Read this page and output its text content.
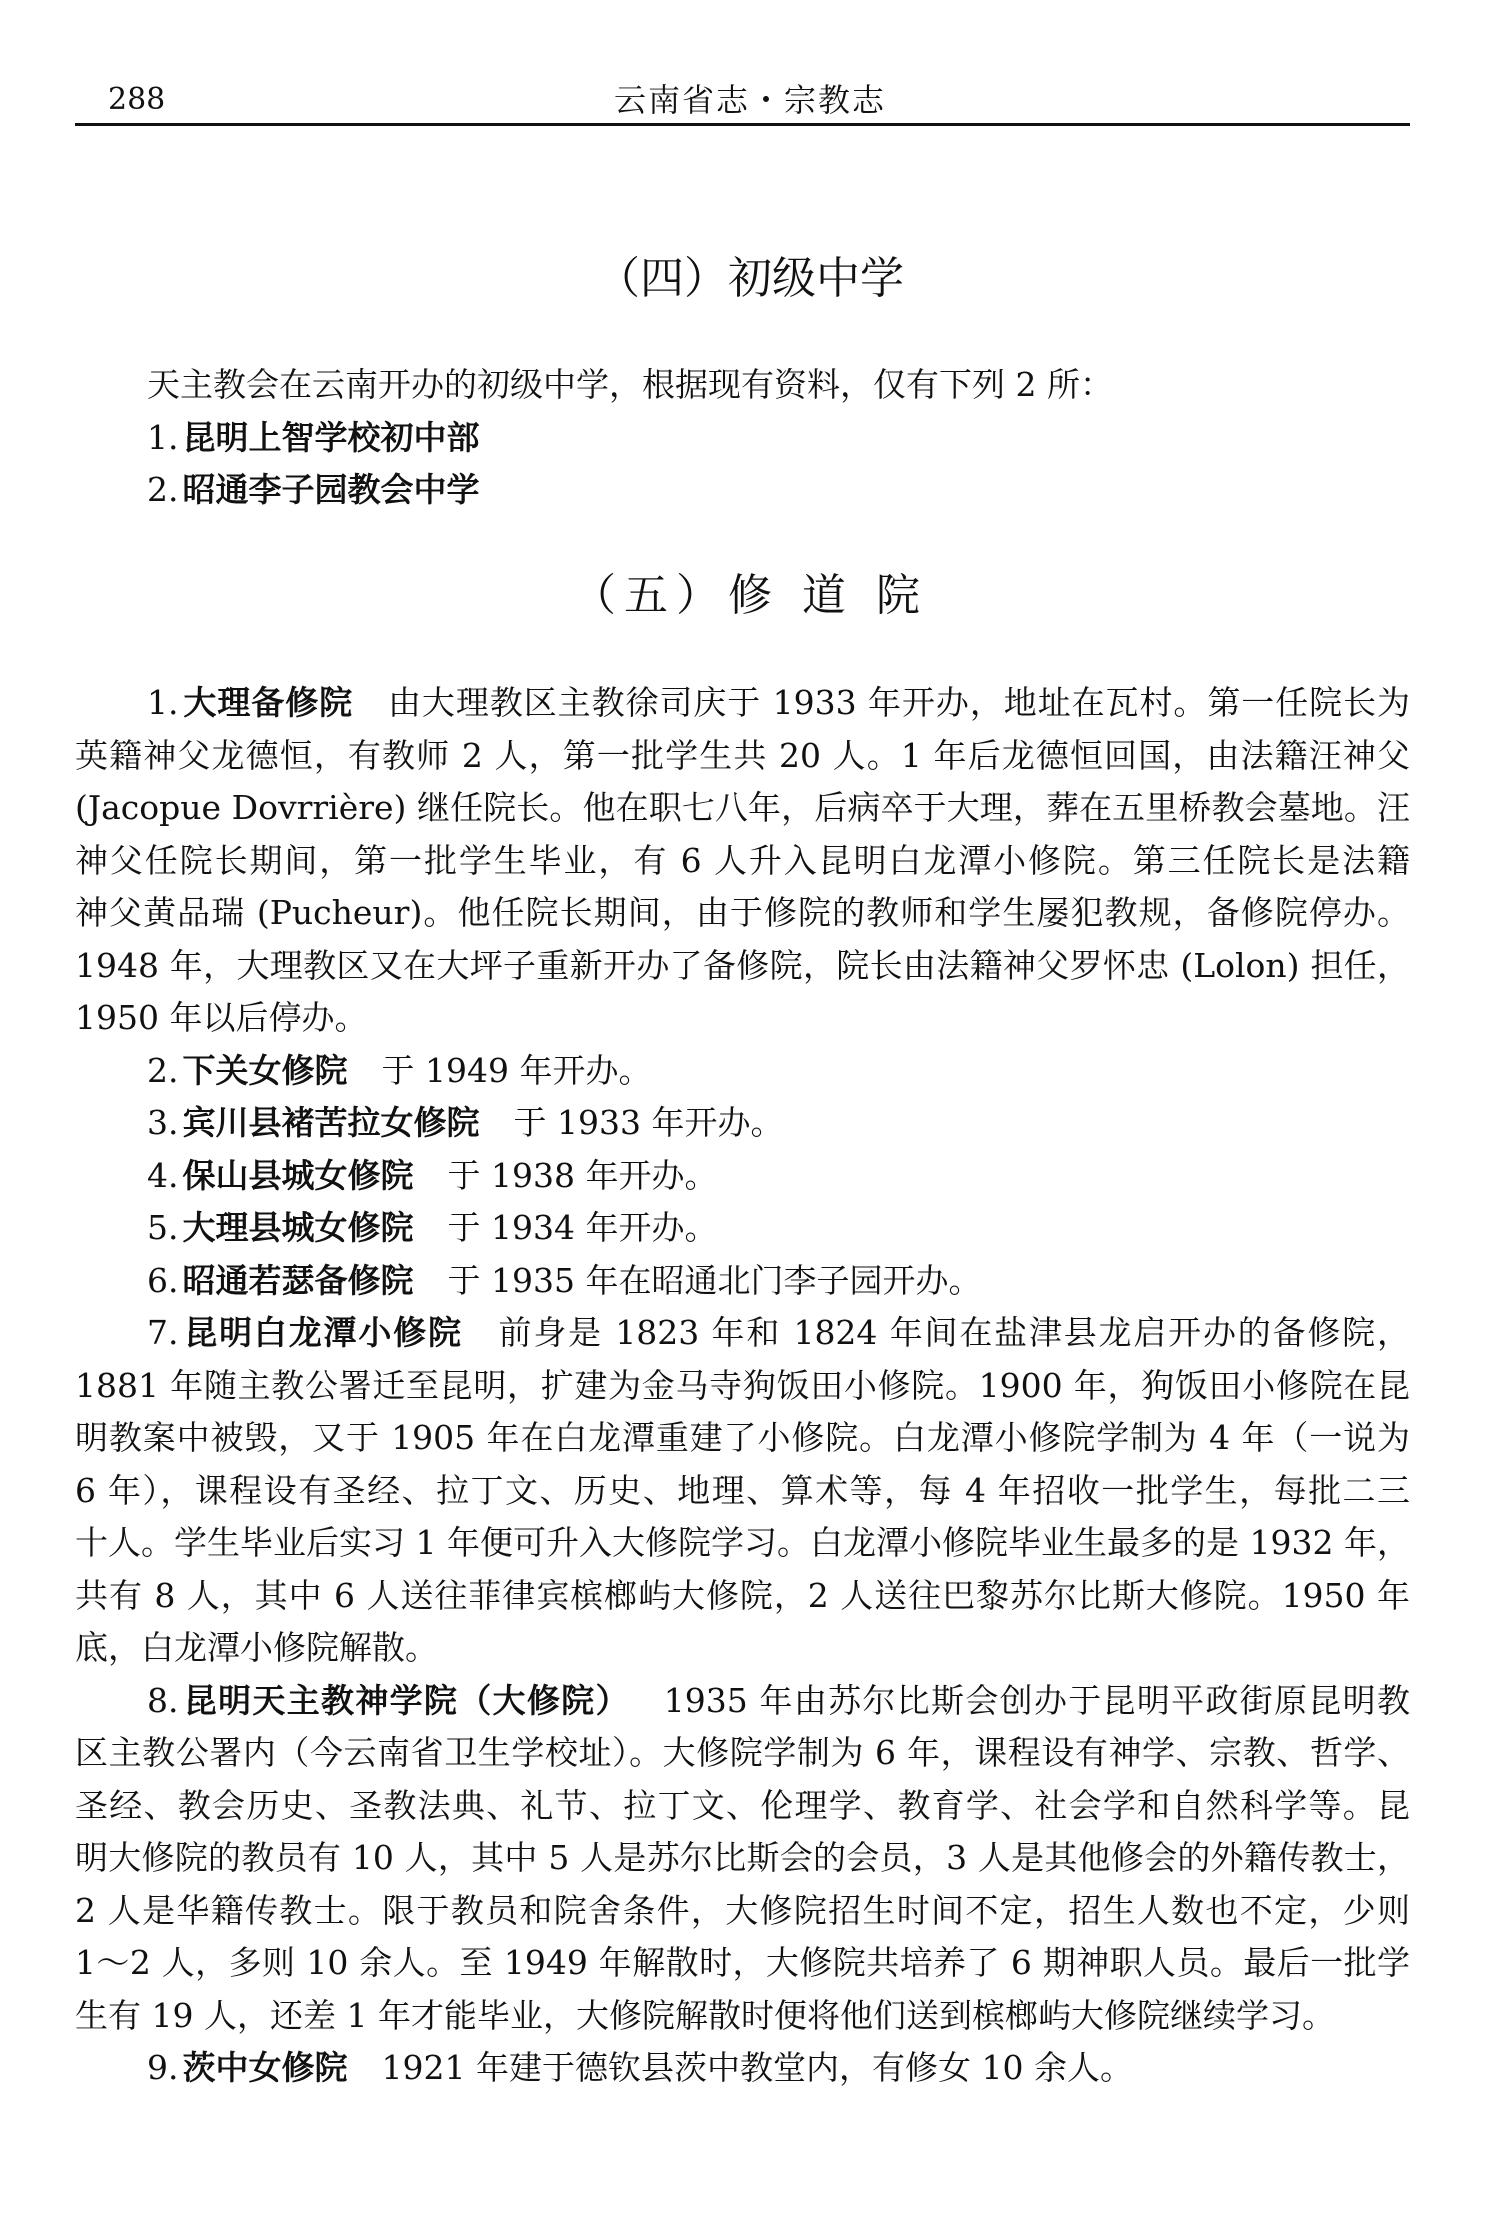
288	云南省志・宗教志
（四）初级中学
天主教会在云南开办的初级中学，根据现有资料，仅有下列 2 所：
1. 昆明上智学校初中部
2. 昭通李子园教会中学
（五）修 道 院
1. 大理备修院 由大理教区主教徐司庆于 1933 年开办，地址在瓦村。第一任院长为
英籍神父龙德恒，有教师 2 人，第一批学生共 20 人。1 年后龙德恒回国，由法籍汪神父
(Jacopue Dovrrière) 继任院长。他在职七八年，后病卒于大理，葬在五里桥教会墓地。汪
神父任院长期间，第一批学生毕业，有 6 人升入昆明白龙潭小修院。第三任院长是法籍
神父黄品瑞 (Pucheur)。他任院长期间，由于修院的教师和学生屡犯教规，备修院停办。
1948 年，大理教区又在大坪子重新开办了备修院，院长由法籍神父罗怀忠 (Lolon) 担任，
1950 年以后停办。
2. 下关女修院 于 1949 年开办。
3. 宾川县褚苦拉女修院 于 1933 年开办。
4. 保山县城女修院 于 1938 年开办。
5. 大理县城女修院 于 1934 年开办。
6. 昭通若瑟备修院 于 1935 年在昭通北门李子园开办。
7. 昆明白龙潭小修院 前身是 1823 年和 1824 年间在盐津县龙启开办的备修院，
1881 年随主教公署迁至昆明，扩建为金马寺狗饭田小修院。1900 年，狗饭田小修院在昆
明教案中被毁，又于 1905 年在白龙潭重建了小修院。白龙潭小修院学制为 4 年（一说为
6 年），课程设有圣经、拉丁文、历史、地理、算术等，每 4 年招收一批学生，每批二三
十人。学生毕业后实习 1 年便可升入大修院学习。白龙潭小修院毕业生最多的是 1932 年，
共有 8 人，其中 6 人送往菲律宾槟榔屿大修院，2 人送往巴黎苏尔比斯大修院。1950 年
底，白龙潭小修院解散。
8. 昆明天主教神学院（大修院） 1935 年由苏尔比斯会创办于昆明平政街原昆明教
区主教公署内（今云南省卫生学校址）。大修院学制为 6 年，课程设有神学、宗教、哲学、
圣经、教会历史、圣教法典、礼节、拉丁文、伦理学、教育学、社会学和自然科学等。昆
明大修院的教员有 10 人，其中 5 人是苏尔比斯会的会员，3 人是其他修会的外籍传教士，
2 人是华籍传教士。限于教员和院舍条件，大修院招生时间不定，招生人数也不定，少则
1～2 人，多则 10 余人。至 1949 年解散时，大修院共培养了 6 期神职人员。最后一批学
生有 19 人，还差 1 年才能毕业，大修院解散时便将他们送到槟榔屿大修院继续学习。
9. 茨中女修院 1921 年建于德钦县茨中教堂内，有修女 10 余人。
